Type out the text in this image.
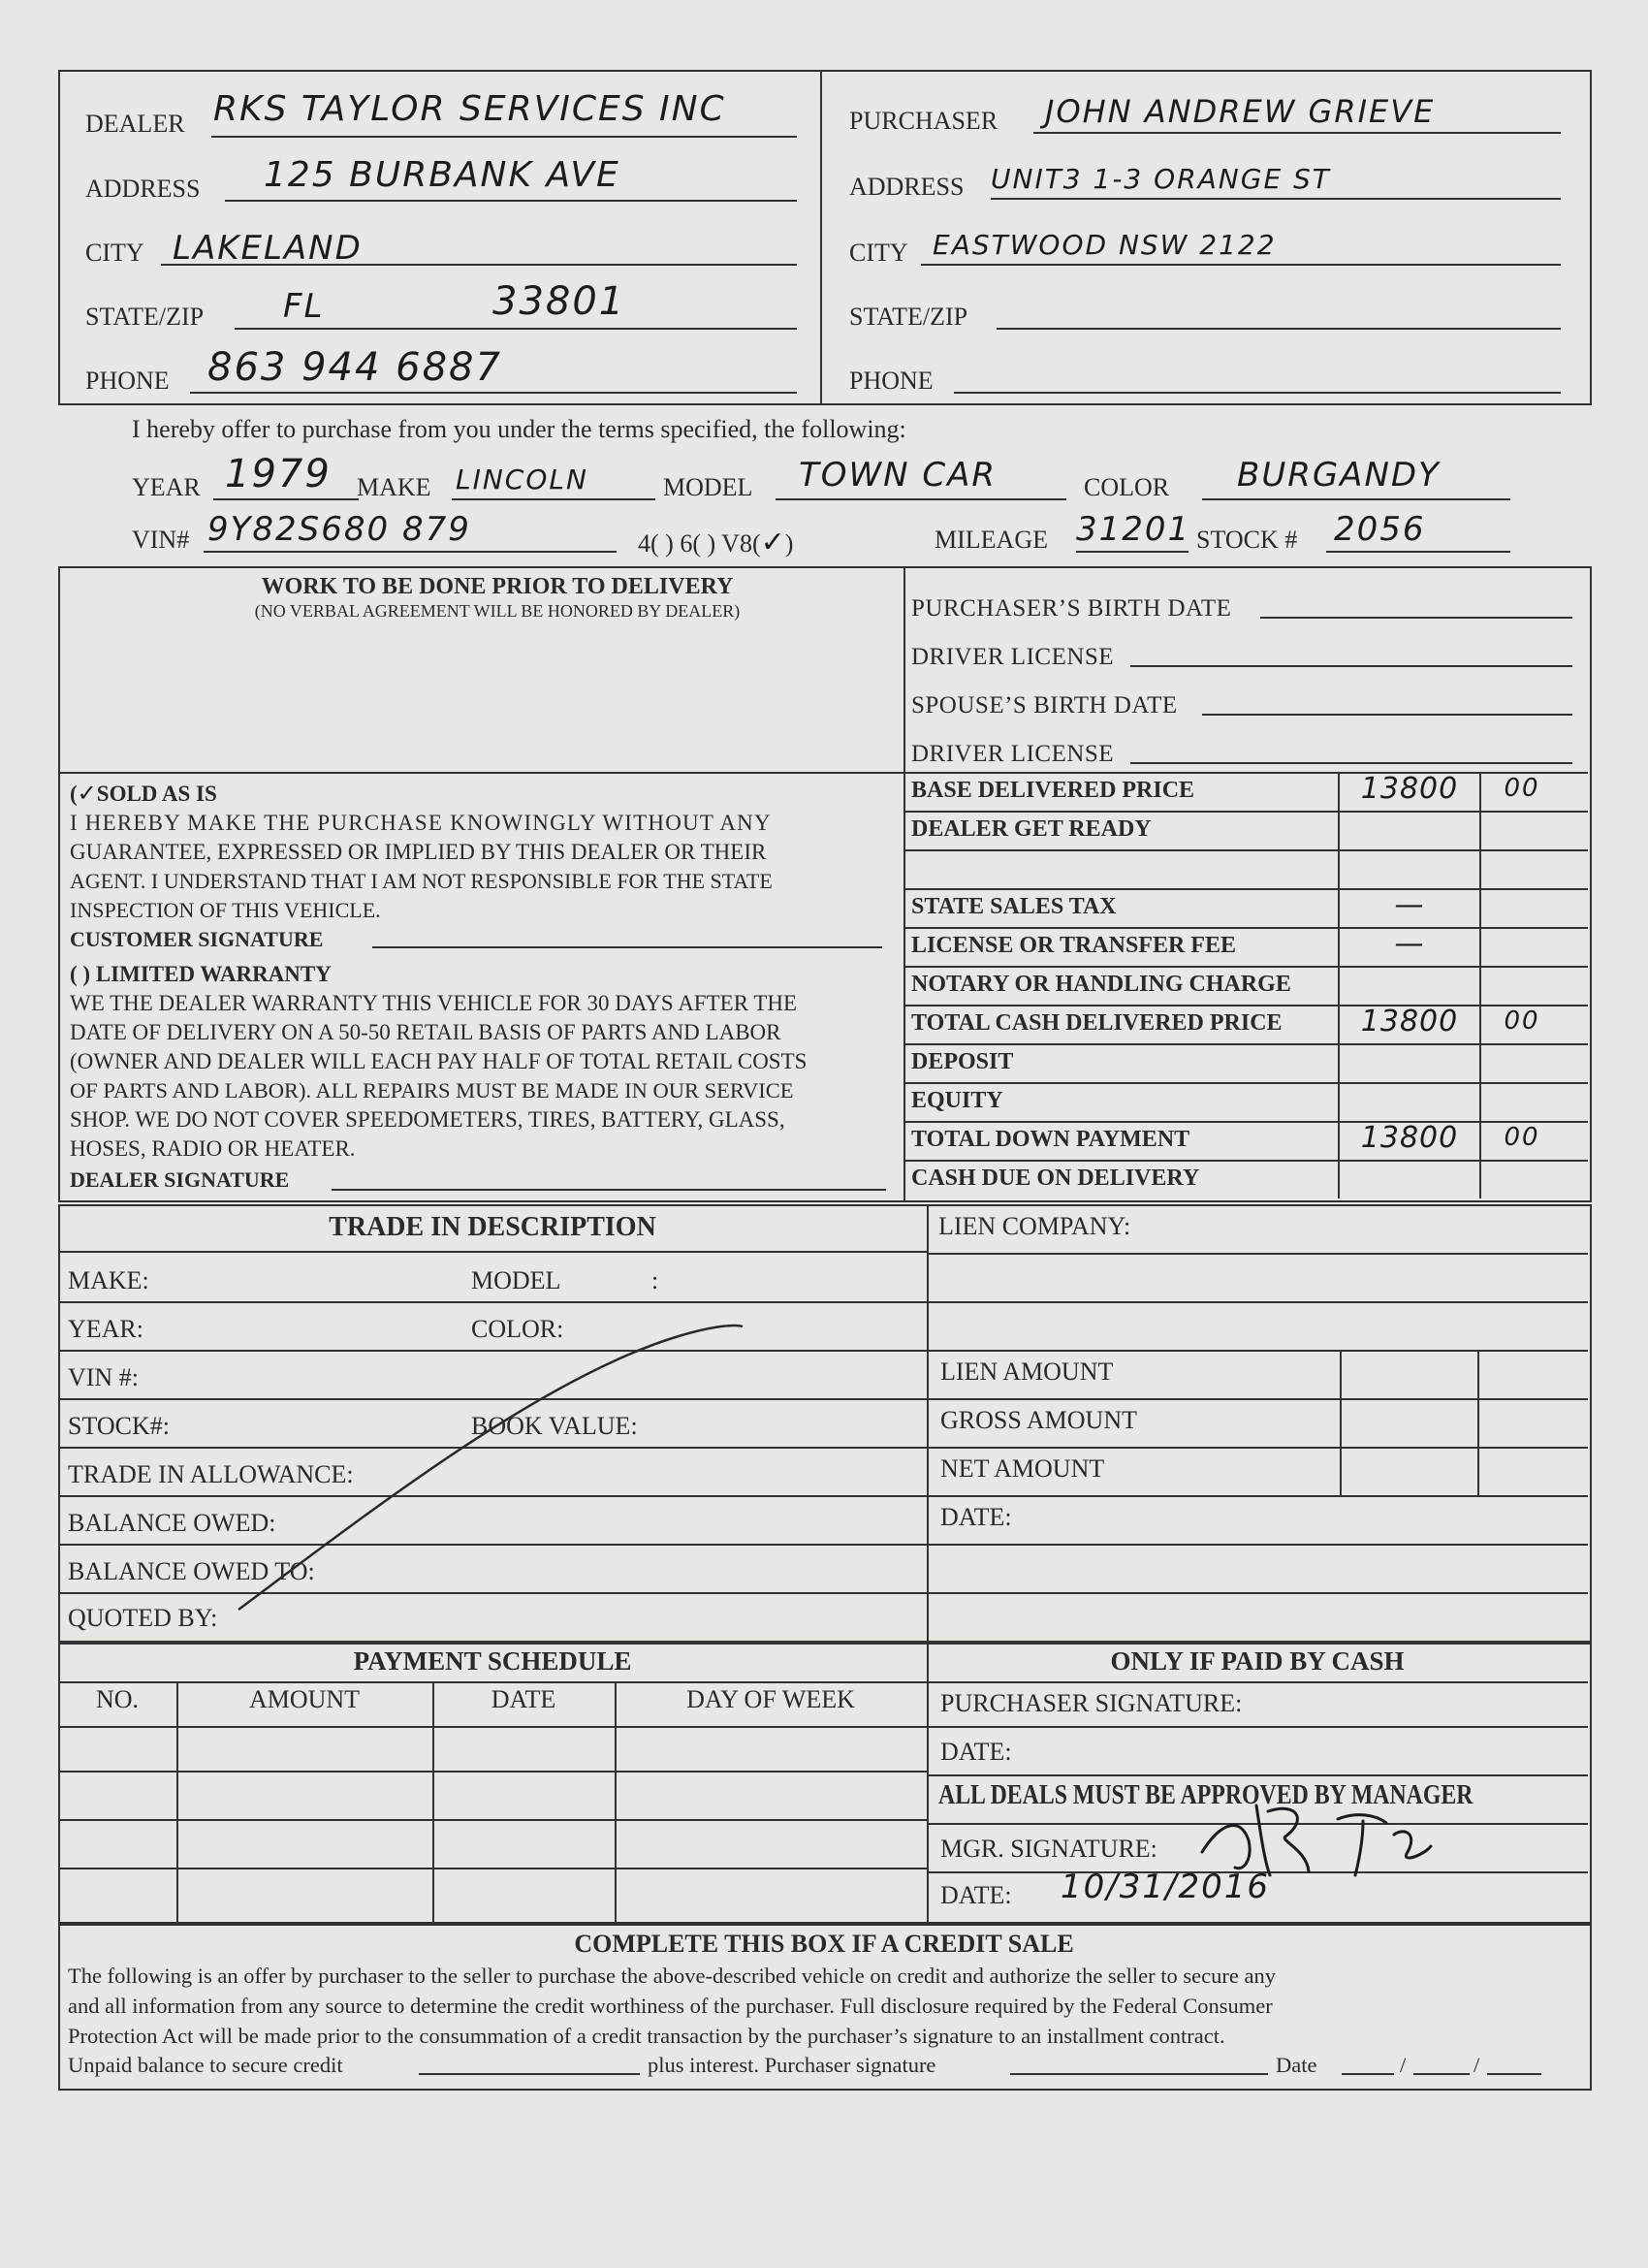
DEALER RKS TAYLOR SERVICES INC
ADDRESS 125 BURBANK AVE
CITY LAKELAND
STATE/ZIP FL	33801
PHONE 863 944 6887
PURCHASER JOHN ANDREW GRIEVE
ADDRESS UNIT3 1-3 ORANGE ST
CITY EASTWOOD NSW 2122
STATE/ZIP
PHONE
I hereby offer to purchase from you under the terms specified, the following:
YEAR 1979 MAKE LINCOLN	MODEL TOWN CAR	COLOR BURGANDY
VIN# 9Y82S680 879	4( ) 6( ) V8(✓)	MILEAGE 31201 STOCK # 2056
WORK TO BE DONE PRIOR TO DELIVERY
(NO VERBAL AGREEMENT WILL BE HONORED BY DEALER)	PURCHASER’S BIRTH DATE
DRIVER LICENSE
SPOUSE’S BIRTH DATE
DRIVER LICENSE
BASE DELIVERED PRICE	13800	00
DEALER GET READY
STATE SALES TAX	—
LICENSE OR TRANSFER FEE	—
NOTARY OR HANDLING CHARGE
TOTAL CASH DELIVERED PRICE	13800	00
DEPOSIT
EQUITY
TOTAL DOWN PAYMENT	13800	00
CASH DUE ON DELIVERY
(✓SOLD AS IS
I HEREBY MAKE THE PURCHASE KNOWINGLY WITHOUT ANY
GUARANTEE, EXPRESSED OR IMPLIED BY THIS DEALER OR THEIR
AGENT. I UNDERSTAND THAT I AM NOT RESPONSIBLE FOR THE STATE
INSPECTION OF THIS VEHICLE.
CUSTOMER SIGNATURE
( ) LIMITED WARRANTY
WE THE DEALER WARRANTY THIS VEHICLE FOR 30 DAYS AFTER THE
DATE OF DELIVERY ON A 50-50 RETAIL BASIS OF PARTS AND LABOR
(OWNER AND DEALER WILL EACH PAY HALF OF TOTAL RETAIL COSTS
OF PARTS AND LABOR). ALL REPAIRS MUST BE MADE IN OUR SERVICE
SHOP. WE DO NOT COVER SPEEDOMETERS, TIRES, BATTERY, GLASS,
HOSES, RADIO OR HEATER.
DEALER SIGNATURE
TRADE IN DESCRIPTION
MAKE:	MODEL	:
YEAR:	COLOR:
VIN #:
STOCK#:	BOOK VALUE:
TRADE IN ALLOWANCE:
BALANCE OWED:
BALANCE OWED TO:
QUOTED BY:
LIEN COMPANY:
LIEN AMOUNT
GROSS AMOUNT
NET AMOUNT
DATE:
PAYMENT SCHEDULE
NO.	AMOUNT	DATE	DAY OF WEEK
ONLY IF PAID BY CASH
PURCHASER SIGNATURE:
DATE:
ALL DEALS MUST BE APPROVED BY MANAGER
MGR. SIGNATURE:
DATE: 10/31/2016
COMPLETE THIS BOX IF A CREDIT SALE
The following is an offer by purchaser to the seller to purchase the above-described vehicle on credit and authorize the seller to secure any
and all information from any source to determine the credit worthiness of the purchaser. Full disclosure required by the Federal Consumer
Protection Act will be made prior to the consummation of a credit transaction by the purchaser’s signature to an installment contract.
Unpaid balance to secure credit	plus interest. Purchaser signature	Date	/	/
